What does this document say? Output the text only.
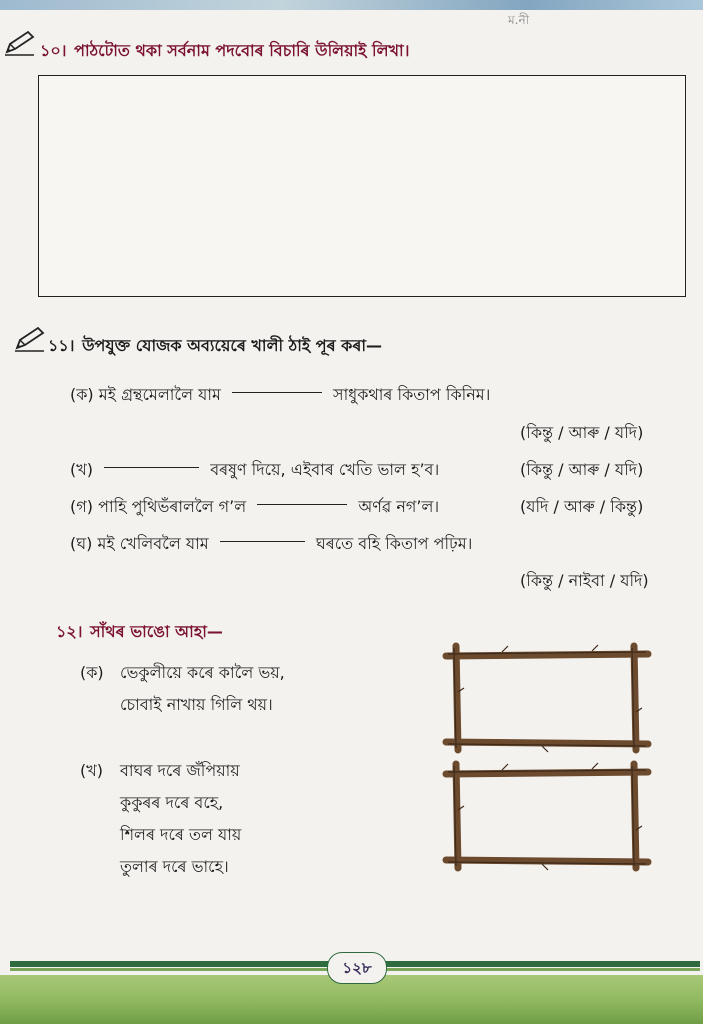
ম.নী
১০। পাঠটোত থকা সৰ্বনাম পদবোৰ বিচাৰি উলিয়াই লিখা।
১১। উপযুক্ত যোজক অব্যয়েৰে খালী ঠাই পূৰ কৰা—
(ক) মই গ্ৰন্থমেলালৈ যাম	সাধুকথাৰ কিতাপ কিনিম।
(কিন্তু / আৰু / যদি)
(খ)	বৰষুণ দিয়ে, এইবাৰ খেতি ভাল হ’ব।	(কিন্তু / আৰু / যদি)
(গ) পাহি পুথিভঁৰাললৈ গ’ল	অৰ্ণৱ নগ’ল।	(যদি / আৰু / কিন্তু)
(ঘ) মই খেলিবলৈ যাম	ঘৰতে বহি কিতাপ পঢ়িম।
(কিন্তু / নাইবা / যদি)
১২। সাঁথৰ ভাঙো আহা—
(ক) ভেকুলীয়ে কৰে কালৈ ভয়,
চোবাই নাখায় গিলি থয়।
(খ) বাঘৰ দৰে জঁপিয়ায়
কুকুৰৰ দৰে বহে,
শিলৰ দৰে তল যায়
তুলাৰ দৰে ভাহে।
১২৮
